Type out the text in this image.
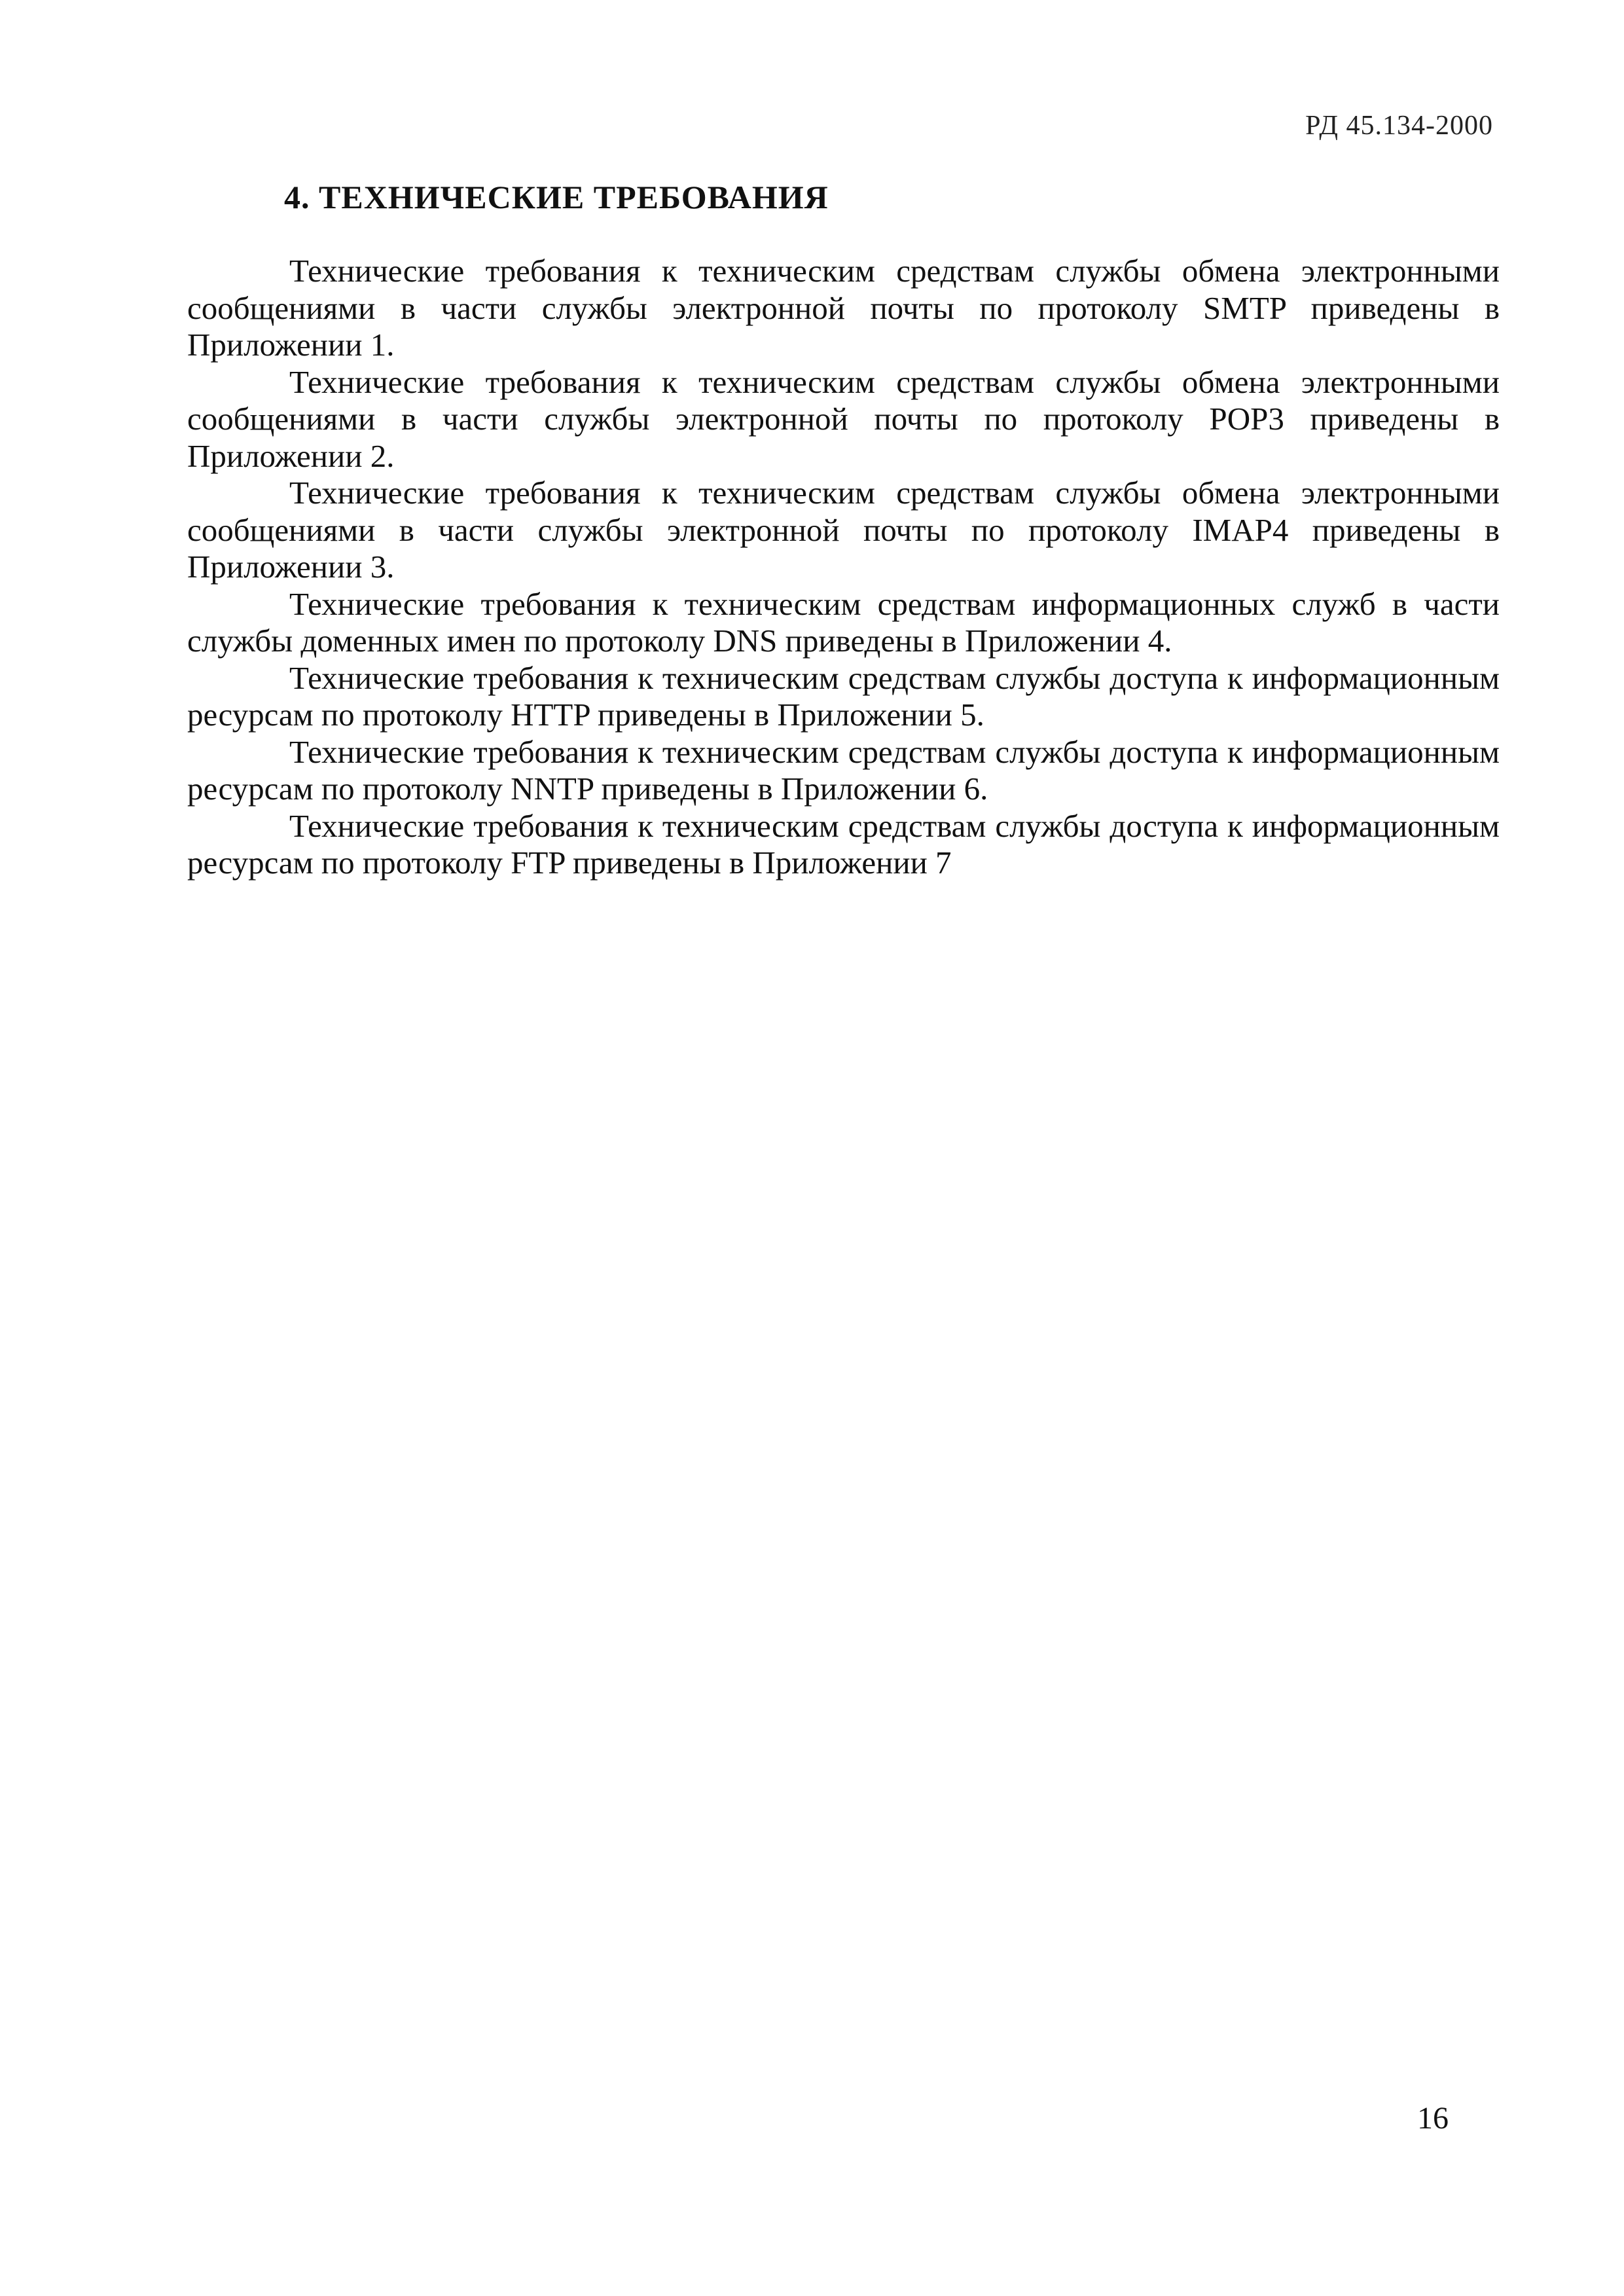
РД 45.134-2000
4. ТЕХНИЧЕСКИЕ ТРЕБОВАНИЯ

Технические требования к техническим средствам службы обмена электронными сообщениями в части службы электронной почты по протоколу SMTP приведены в Приложении 1.

Технические требования к техническим средствам службы обмена электронными сообщениями в части службы электронной почты по протоколу POP3 приведены в Приложении 2.

Технические требования к техническим средствам службы обмена электронными сообщениями в части службы электронной почты по протоколу IMAP4 приведены в Приложении 3.

Технические требования к техническим средствам информационных служб в части службы доменных имен по протоколу DNS приведены в Приложении 4.

Технические требования к техническим средствам службы доступа к информационным ресурсам по протоколу HTTP приведены в Приложении 5.

Технические требования к техническим средствам службы доступа к информационным ресурсам по протоколу NNTP приведены в Приложении 6.

Технические требования к техническим средствам службы доступа к информационным ресурсам по протоколу FTP приведены в Приложении 7

16
